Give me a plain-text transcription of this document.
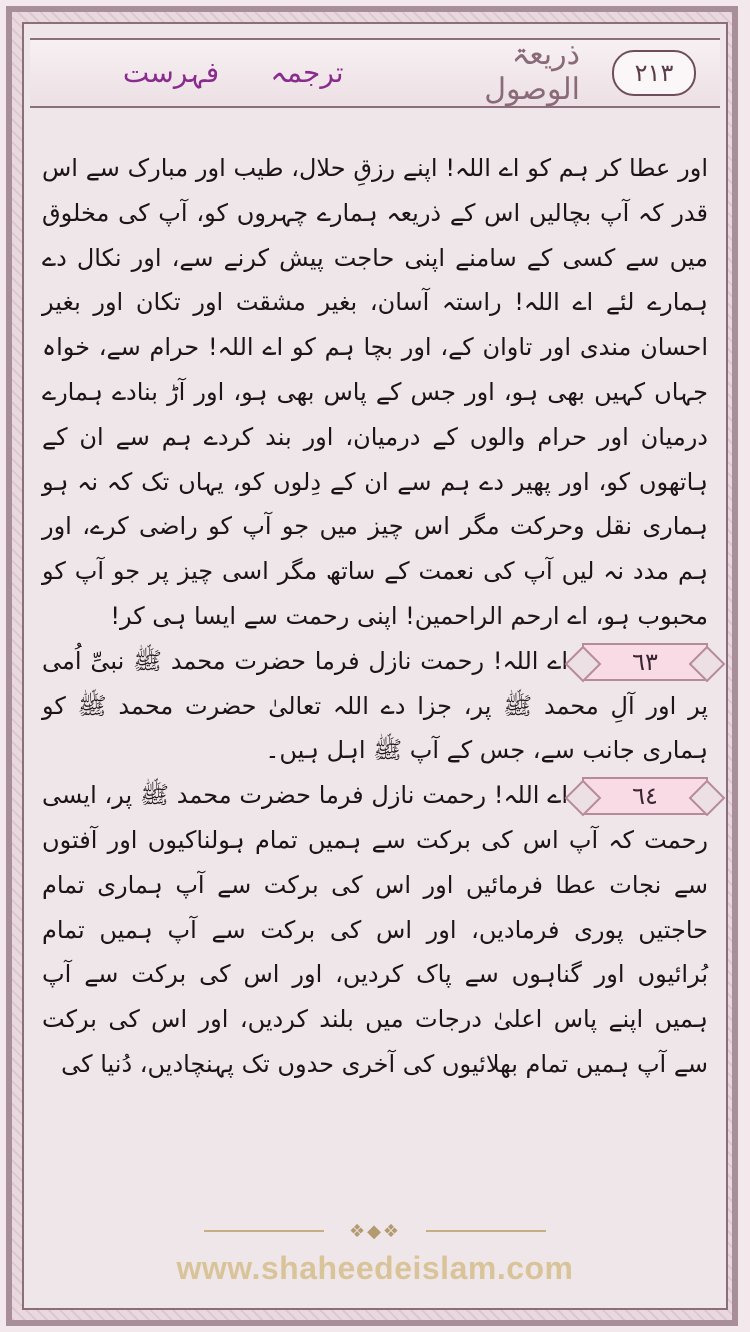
۲۱۳
ذریعۃ الوصول
ترجمہ
فہرست

اور عطا کر ہم کو اے اللہ! اپنے رزقِ حلال، طیب اور مبارک سے اس قدر کہ آپ بچالیں اس کے ذریعہ ہمارے چہروں کو، آپ کی مخلوق میں سے کسی کے سامنے اپنی حاجت پیش کرنے سے، اور نکال دے ہمارے لئے اے اللہ! راستہ آسان، بغیر مشقت اور تکان اور بغیر احسان مندی اور تاوان کے، اور بچا ہم کو اے اللہ! حرام سے، خواہ جہاں کہیں بھی ہو، اور جس کے پاس بھی ہو، اور آڑ بنادے ہمارے درمیان اور حرام والوں کے درمیان، اور بند کردے ہم سے ان کے ہاتھوں کو، اور پھیر دے ہم سے ان کے دِلوں کو، یہاں تک کہ نہ ہو ہماری نقل وحرکت مگر اس چیز میں جو آپ کو راضی کرے، اور ہم مدد نہ لیں آپ کی نعمت کے ساتھ مگر اسی چیز پر جو آپ کو محبوب ہو، اے ارحم الراحمین! اپنی رحمت سے ایسا ہی کر!

٦٣اے اللہ! رحمت نازل فرما حضرت محمد ﷺ نبیِّ اُمی پر اور آلِ محمد ﷺ پر، جزا دے اللہ تعالیٰ حضرت محمد ﷺ کو ہماری جانب سے، جس کے آپ ﷺ اہل ہیں۔

٦٤اے اللہ! رحمت نازل فرما حضرت محمد ﷺ پر، ایسی رحمت کہ آپ اس کی برکت سے ہمیں تمام ہولناکیوں اور آفتوں سے نجات عطا فرمائیں اور اس کی برکت سے آپ ہماری تمام حاجتیں پوری فرمادیں، اور اس کی برکت سے آپ ہمیں تمام بُرائیوں اور گناہوں سے پاک کردیں، اور اس کی برکت سے آپ ہمیں اپنے پاس اعلیٰ درجات میں بلند کردیں، اور اس کی برکت سے آپ ہمیں تمام بھلائیوں کی آخری حدوں تک پہنچادیں، دُنیا کی

❖◆❖
www.shaheedeislam.com
